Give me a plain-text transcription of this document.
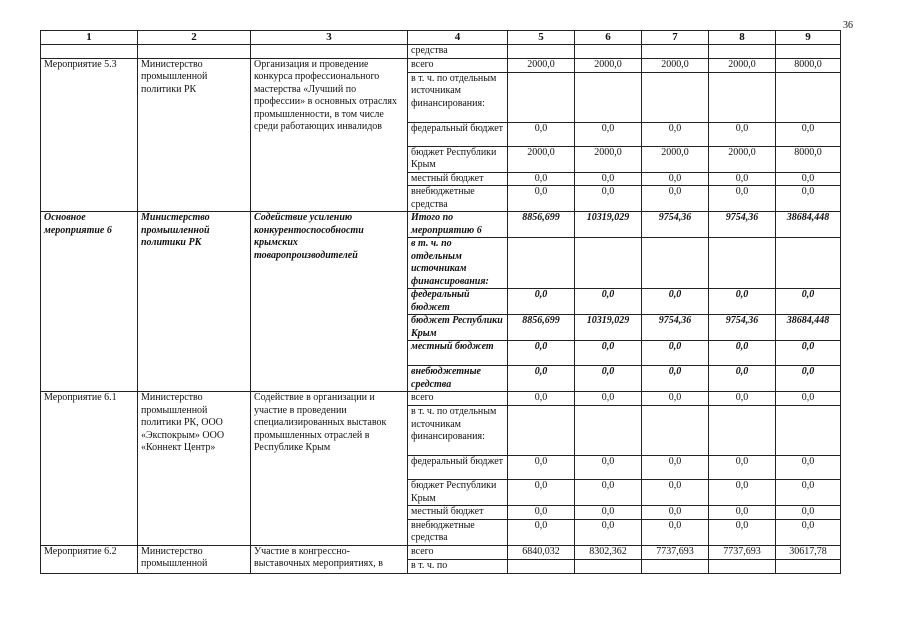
36
1	2	3	4	5	6	7	8	9
			средства					
Мероприятие 5.3	Министерство промышленной политики РК	Организация и проведение конкурса профессионального мастерства «Лучший по профессии» в основных отраслях промышленности, в том числе среди работающих инвалидов	всего	2000,0	2000,0	2000,0	2000,0	8000,0
			в т. ч. по отдельным источникам финансирования:					
			федеральный бюджет	0,0	0,0	0,0	0,0	0,0
			бюджет Республики Крым	2000,0	2000,0	2000,0	2000,0	8000,0
			местный бюджет	0,0	0,0	0,0	0,0	0,0
			внебюджетные средства	0,0	0,0	0,0	0,0	0,0
Основное мероприятие 6	Министерство промышленной политики РК	Содействие усилению конкурентоспособности крымских товаропроизводителей	Итого по мероприятию 6	8856,699	10319,029	9754,36	9754,36	38684,448
			в т. ч. по отдельным источникам финансирования:					
			федеральный бюджет	0,0	0,0	0,0	0,0	0,0
			бюджет Республики Крым	8856,699	10319,029	9754,36	9754,36	38684,448
			местный бюджет	0,0	0,0	0,0	0,0	0,0
			внебюджетные средства	0,0	0,0	0,0	0,0	0,0
Мероприятие 6.1	Министерство промышленной политики РК, ООО «Экспокрым» ООО «Коннект Центр»	Содействие в организации и участие в проведении специализированных выставок промышленных отраслей в Республике Крым	всего	0,0	0,0	0,0	0,0	0,0
			в т. ч. по отдельным источникам финансирования:					
			федеральный бюджет	0,0	0,0	0,0	0,0	0,0
			бюджет Республики Крым	0,0	0,0	0,0	0,0	0,0
			местный бюджет	0,0	0,0	0,0	0,0	0,0
			внебюджетные средства	0,0	0,0	0,0	0,0	0,0
Мероприятие 6.2	Министерство промышленной	Участие в конгрессно-выставочных мероприятиях, в	всего	6840,032	8302,362	7737,693	7737,693	30617,78
			в т. ч. по					
